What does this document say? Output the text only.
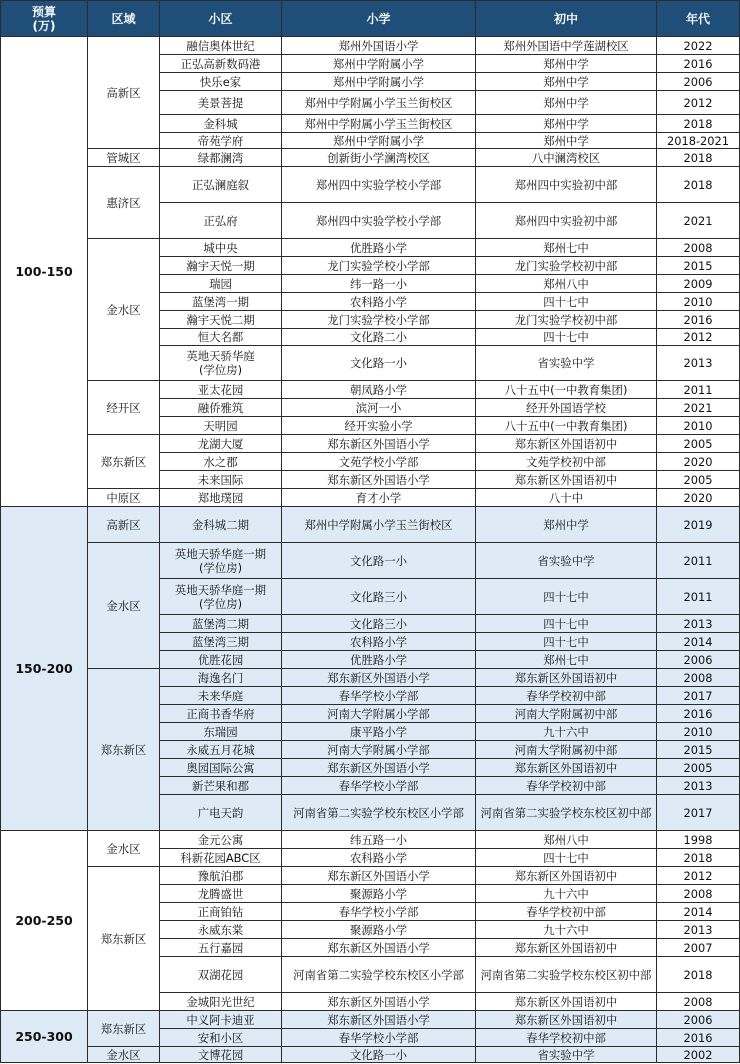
预算
(万)	区域	小区	小学	初中	年代
100-150	高新区	融信奥体世纪	郑州外国语小学	郑州外国语中学莲湖校区	2022
		正弘高新数码港	郑州中学附属小学	郑州中学	2016
		快乐e家	郑州中学附属小学	郑州中学	2006
		美景菩提	郑州中学附属小学玉兰街校区	郑州中学	2012
		金科城	郑州中学附属小学玉兰街校区	郑州中学	2018
		帝苑学府	郑州中学附属小学	郑州中学	2018-2021
	管城区	绿都澜湾	创新街小学澜湾校区	八中澜湾校区	2018
	惠济区	正弘澜庭叙	郑州四中实验学校小学部	郑州四中实验初中部	2018
		正弘府	郑州四中实验学校小学部	郑州四中实验初中部	2021
	金水区	城中央	优胜路小学	郑州七中	2008
		瀚宇天悦一期	龙门实验学校小学部	龙门实验学校初中部	2015
		瑞园	纬一路一小	郑州八中	2009
		蓝堡湾一期	农科路小学	四十七中	2010
		瀚宇天悦二期	龙门实验学校小学部	龙门实验学校初中部	2016
		恒大名都	文化路二小	四十七中	2012
		英地天骄华庭
(学位房)	文化路一小	省实验中学	2013
	经开区	亚太花园	朝凤路小学	八十五中(一中教育集团)	2011
		融侨雅筑	滨河一小	经开外国语学校	2021
		天明园	经开实验小学	八十五中(一中教育集团)	2010
	郑东新区	龙湖大厦	郑东新区外国语小学	郑东新区外国语初中	2005
		水之郡	文苑学校小学部	文苑学校初中部	2020
		未来国际	郑东新区外国语小学	郑东新区外国语初中	2005
	中原区	郑地璞园	育才小学	八十中	2020
150-200	高新区	金科城二期	郑州中学附属小学玉兰街校区	郑州中学	2019
	金水区	英地天骄华庭一期
(学位房)	文化路一小	省实验中学	2011
		英地天骄华庭一期
(学位房)	文化路三小	四十七中	2011
		蓝堡湾二期	文化路三小	四十七中	2013
		蓝堡湾三期	农科路小学	四十七中	2014
		优胜花园	优胜路小学	郑州七中	2006
	郑东新区	海逸名门	郑东新区外国语小学	郑东新区外国语初中	2008
		未来华庭	春华学校小学部	春华学校初中部	2017
		正商书香华府	河南大学附属小学部	河南大学附属初中部	2016
		东瑞园	康平路小学	九十六中	2010
		永威五月花城	河南大学附属小学部	河南大学附属初中部	2015
		奥园国际公寓	郑东新区外国语小学	郑东新区外国语初中	2005
		新芒果和郡	春华学校小学部	春华学校初中部	2013
		广电天韵	河南省第二实验学校东校区小学部	河南省第二实验学校东校区初中部	2017
200-250	金水区	金元公寓	纬五路一小	郑州八中	1998
		科新花园ABC区	农科路小学	四十七中	2018
	郑东新区	豫航泊郡	郑东新区外国语小学	郑东新区外国语初中	2012
		龙腾盛世	聚源路小学	九十六中	2008
		正商铂钻	春华学校小学部	春华学校初中部	2014
		永威东棠	聚源路小学	九十六中	2013
		五行嘉园	郑东新区外国语小学	郑东新区外国语初中	2007
		双湖花园	河南省第二实验学校东校区小学部	河南省第二实验学校东校区初中部	2018
		金城阳光世纪	郑东新区外国语小学	郑东新区外国语初中	2008
250-300	郑东新区	中义阿卡迪亚	郑东新区外国语小学	郑东新区外国语初中	2006
		安和小区	春华学校小学部	春华学校初中部	2016
	金水区	文博花园	文化路一小	省实验中学	2002
